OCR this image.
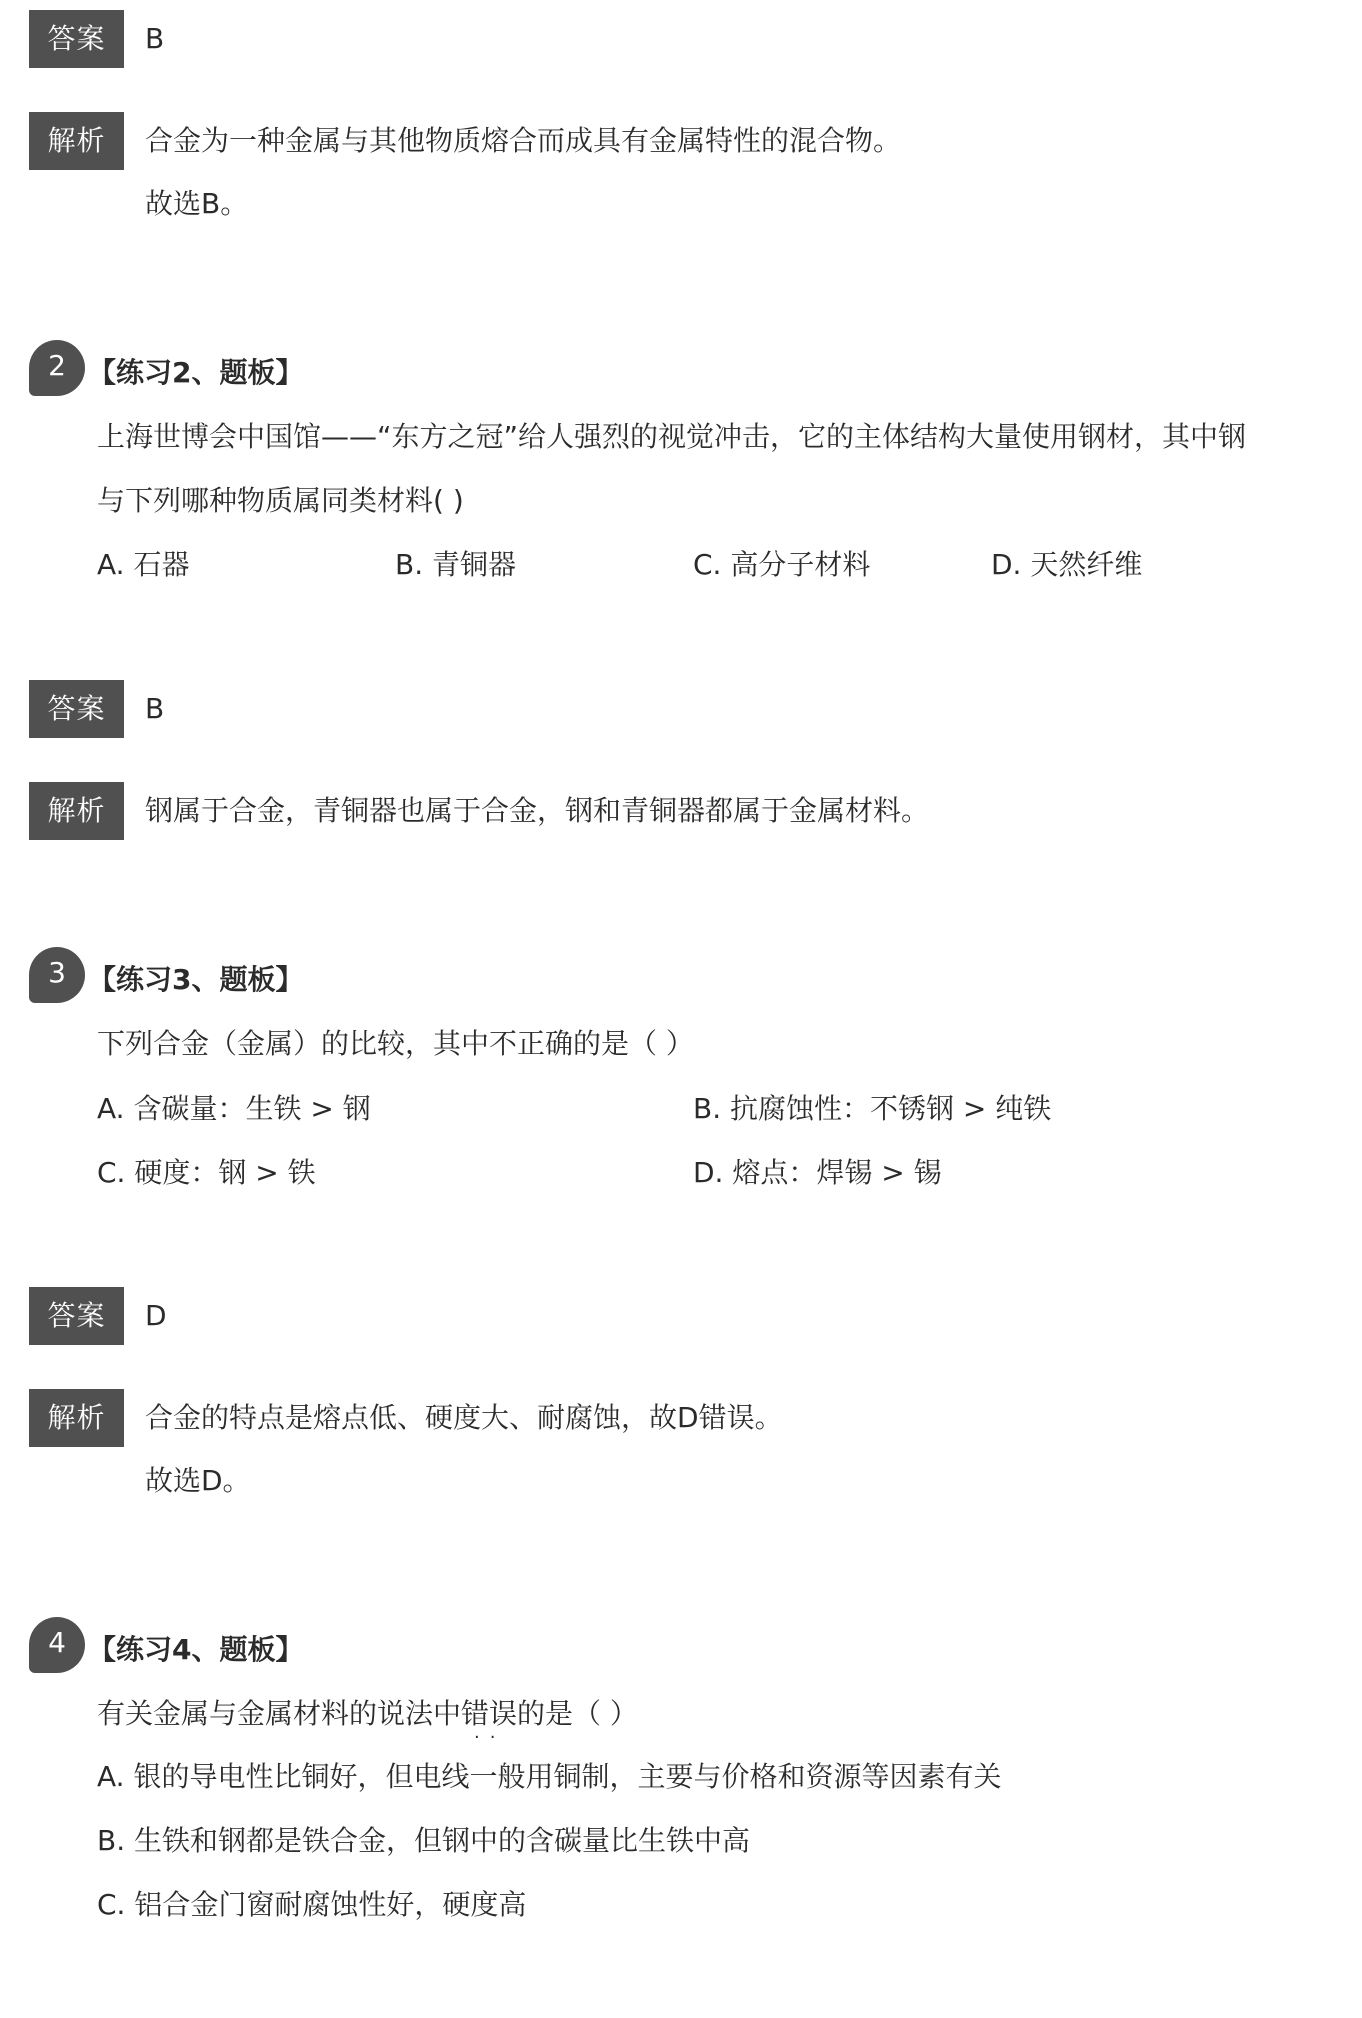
答案	B
解析	合金为一种金属与其他物质熔合而成具有金属特性的混合物。
故选B。
2 【练习2、题板】
上海世博会中国馆——“东方之冠”给人强烈的视觉冲击，它的主体结构大量使用钢材，其中钢
与下列哪种物质属同类材料( )
A. 石器	B. 青铜器	C. 高分子材料	D. 天然纤维
答案	B
解析	钢属于合金，青铜器也属于合金，钢和青铜器都属于金属材料。
3 【练习3、题板】
下列合金（金属）的比较，其中不正确的是（ ）
A. 含碳量：生铁 > 钢	B. 抗腐蚀性：不锈钢 > 纯铁
C. 硬度：钢 > 铁	D. 熔点：焊锡 > 锡
答案	D
解析	合金的特点是熔点低、硬度大、耐腐蚀，故D错误。
故选D。
4 【练习4、题板】
有关金属与金属材料的说法中错误的是（ ）
··
A. 银的导电性比铜好，但电线一般用铜制，主要与价格和资源等因素有关
B. 生铁和钢都是铁合金，但钢中的含碳量比生铁中高
C. 铝合金门窗耐腐蚀性好，硬度高
